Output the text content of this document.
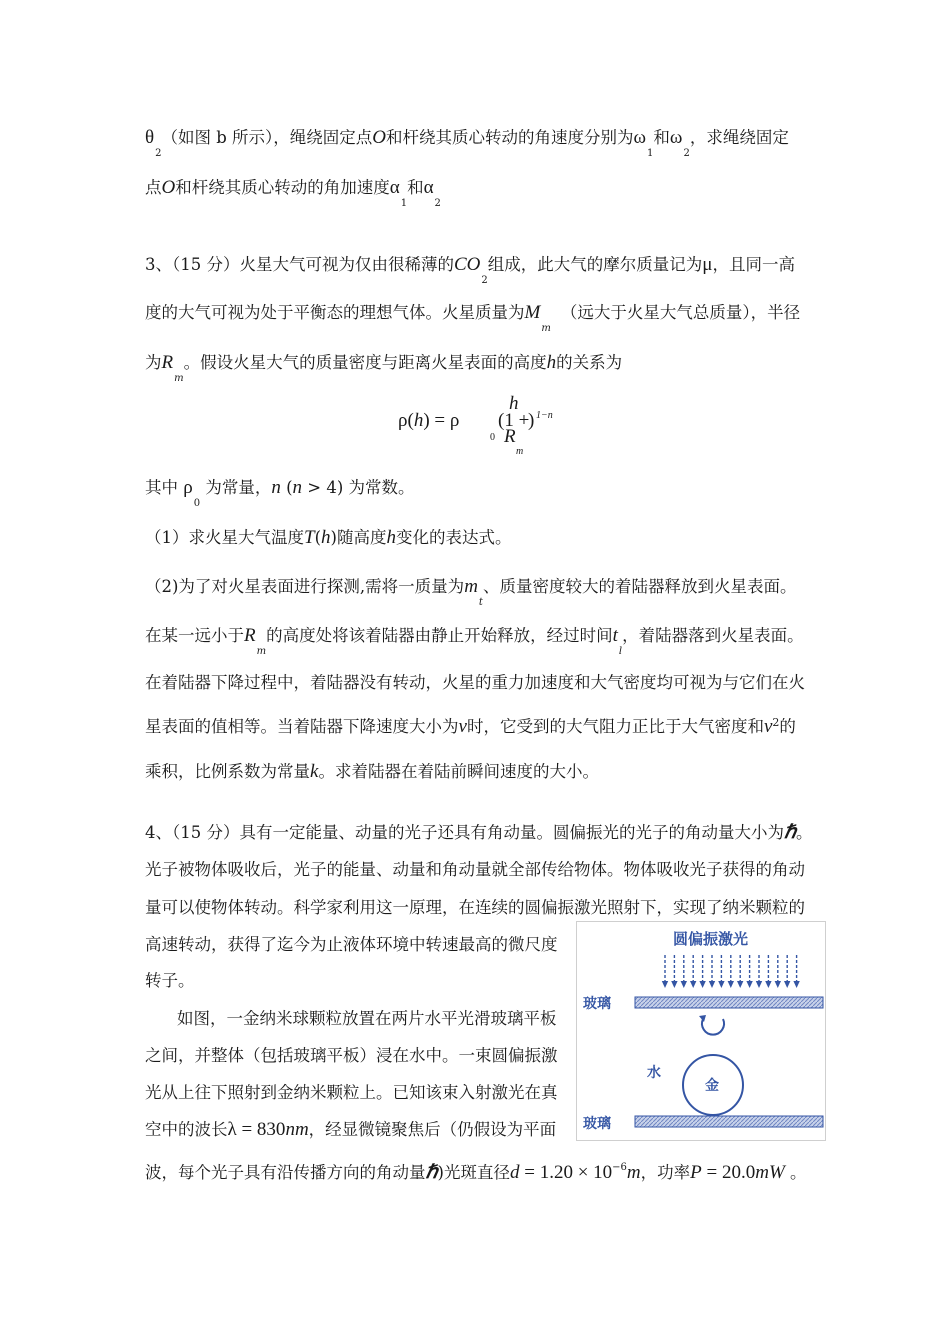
$\theta_2$（如图 b 所示），绳绕固定点O和杆绕其质心转动的角速度分别为$\omega_1$和$\omega_2$，求绳绕固定
点O和杆绕其质心转动的角加速度$\alpha_1$和$\alpha_2$
3、（15 分）火星大气可视为仅由很稀薄的$CO_2$组成，此大气的摩尔质量记为μ，且同一高
度的大气可视为处于平衡态的理想气体。火星质量为$M_m$（远大于火星大气总质量），半径
为$R_m$。假设火星大气的质量密度与距离火星表面的高度h的关系为
ρ(h) = ρ
0
(1 +
h
R
m
) 1−n
其中 $\rho_0$ 为常量，n (n > 4) 为常数。
（1）求火星大气温度T(h)随高度h变化的表达式。
（2)为了对火星表面进行探测,需将一质量为$m_t$、质量密度较大的着陆器释放到火星表面。
在某一远小于$R_m$的高度处将该着陆器由静止开始释放，经过时间$t_l$，着陆器落到火星表面。
在着陆器下降过程中，着陆器没有转动，火星的重力加速度和大气密度均可视为与它们在火
星表面的值相等。当着陆器下降速度大小为v时，它受到的大气阻力正比于大气密度和$v^2$的
乘积，比例系数为常量k。求着陆器在着陆前瞬间速度的大小。
4、（15 分）具有一定能量、动量的光子还具有角动量。圆偏振光的光子的角动量大小为ℏ。
光子被物体吸收后，光子的能量、动量和角动量就全部传给物体。物体吸收光子获得的角动
量可以使物体转动。科学家利用这一原理，在连续的圆偏振激光照射下，实现了纳米颗粒的
高速转动，获得了迄今为止液体环境中转速最高的微尺度
转子。
如图，一金纳米球颗粒放置在两片水平光滑玻璃平板
之间，并整体（包括玻璃平板）浸在水中。一束圆偏振激
光从上往下照射到金纳米颗粒上。已知该束入射激光在真
空中的波长λ = 830nm，经显微镜聚焦后（仍假设为平面
波，每个光子具有沿传播方向的角动量ℏ)光斑直径$d = 1.20 \times 10^{-6}m$，功率P = 20.0mW 。
圆偏振激光
玻璃
水
金
玻璃
